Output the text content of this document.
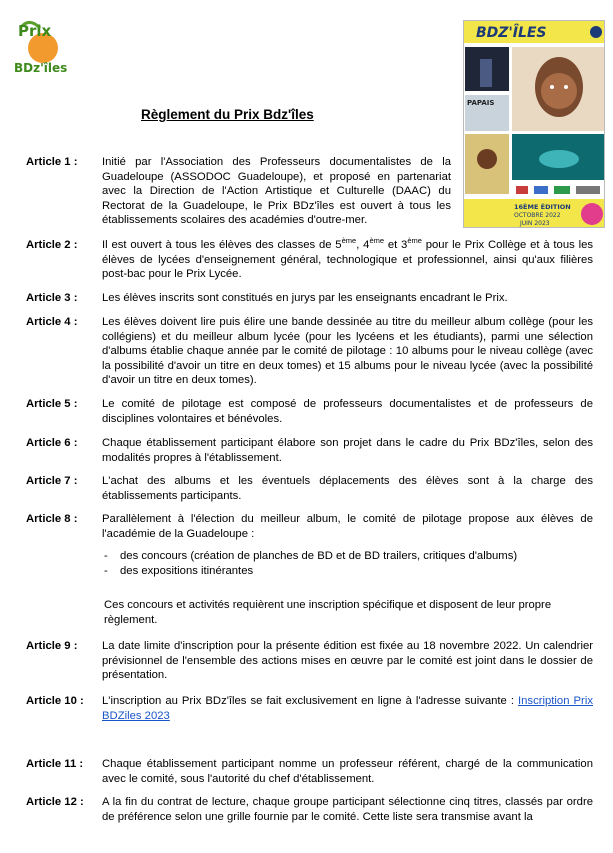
Prix
BDz'îles
BDZ'ÎLES
PAPAIS
16ÈME ÉDITION
OCTOBRE 2022
JUIN 2023
Règlement du Prix Bdz'îles
Article 1 :	Initié par l'Association des Professeurs documentalistes de la Guadeloupe (ASSODOC Guadeloupe), et proposé en partenariat avec la Direction de l'Action Artistique et Culturelle (DAAC) du Rectorat de la Guadeloupe, le Prix BDz'îles est ouvert à tous les établissements scolaires des académies d'outre-mer.
Article 2 :	Il est ouvert à tous les élèves des classes de 5ème, 4ème et 3ème pour le Prix Collège et à tous les élèves de lycées d'enseignement général, technologique et professionnel, ainsi qu'aux filières post-bac pour le Prix Lycée.
Article 3 :	Les élèves inscrits sont constitués en jurys par les enseignants encadrant le Prix.
Article 4 :	Les élèves doivent lire puis élire une bande dessinée au titre du meilleur album collège (pour les collégiens) et du meilleur album lycée (pour les lycéens et les étudiants), parmi une sélection d'albums établie chaque année par le comité de pilotage : 10 albums pour le niveau collège (avec la possibilité d'avoir un titre en deux tomes) et 15 albums pour le niveau lycée (avec la possibilité d'avoir un titre en deux tomes).
Article 5 :	Le comité de pilotage est composé de professeurs documentalistes et de professeurs de disciplines volontaires et bénévoles.
Article 6 :	Chaque établissement participant élabore son projet dans le cadre du Prix BDz'îles, selon des modalités propres à l'établissement.
Article 7 :	L'achat des albums et les éventuels déplacements des élèves sont à la charge des établissements participants.
Article 8 :	Parallèlement à l'élection du meilleur album, le comité de pilotage propose aux élèves de l'académie de la Guadeloupe :
- des concours (création de planches de BD et de BD trailers, critiques d'albums)
- des expositions itinérantes
Ces concours et activités requièrent une inscription spécifique et disposent de leur propre règlement.
Article 9 :	La date limite d'inscription pour la présente édition est fixée au 18 novembre 2022. Un calendrier prévisionnel de l'ensemble des actions mises en œuvre par le comité est joint dans le dossier de présentation.
Article 10 :	L'inscription au Prix BDz'îles se fait exclusivement en ligne à l'adresse suivante : Inscription Prix BDZiles 2023
Article 11 :	Chaque établissement participant nomme un professeur référent, chargé de la communication avec le comité, sous l'autorité du chef d'établissement.
Article 12 :	A la fin du contrat de lecture, chaque groupe participant sélectionne cinq titres, classés par ordre de préférence selon une grille fournie par le comité. Cette liste sera transmise avant la
